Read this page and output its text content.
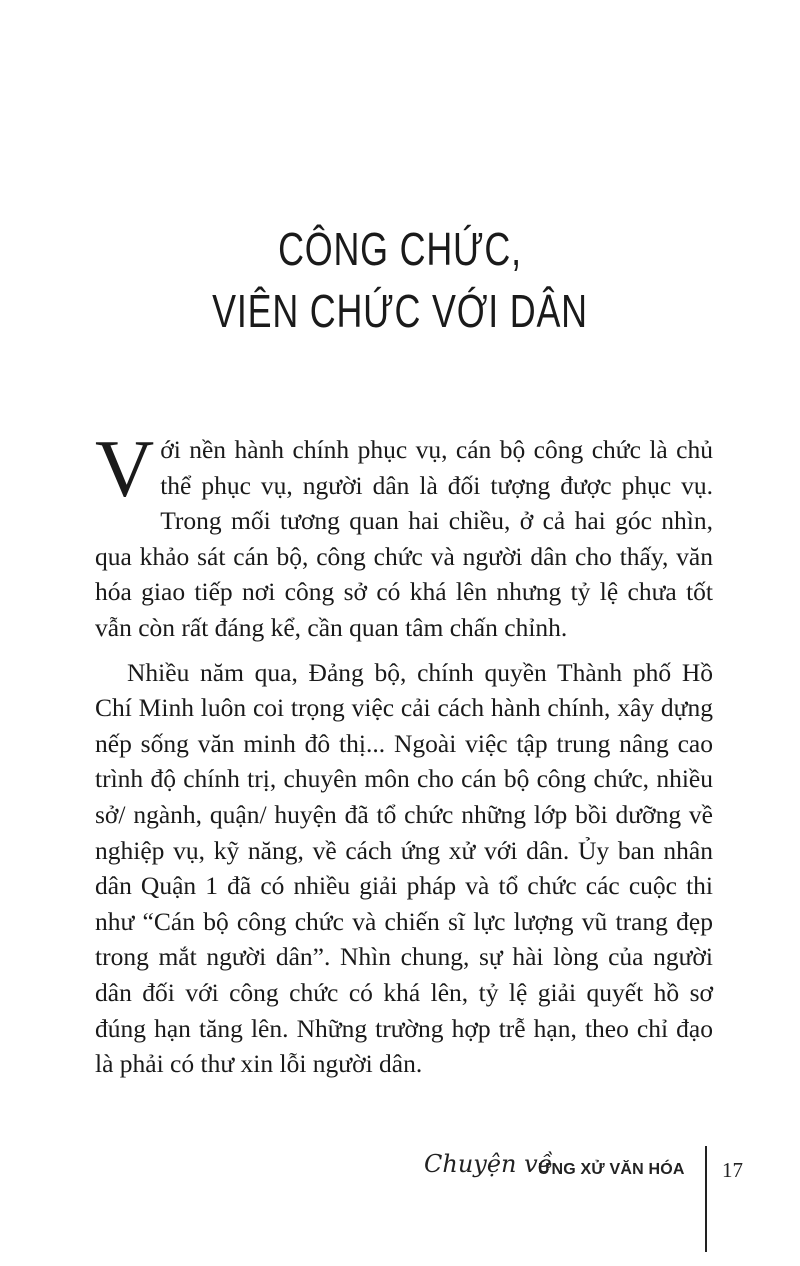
CÔNG CHỨC,
VIÊN CHỨC VỚI DÂN

Với nền hành chính phục vụ, cán bộ công chức là chủ thể phục vụ, người dân là đối tượng được phục vụ. Trong mối tương quan hai chiều, ở cả hai góc nhìn, qua khảo sát cán bộ, công chức và người dân cho thấy, văn hóa giao tiếp nơi công sở có khá lên nhưng tỷ lệ chưa tốt vẫn còn rất đáng kể, cần quan tâm chấn chỉnh.

Nhiều năm qua, Đảng bộ, chính quyền Thành phố Hồ Chí Minh luôn coi trọng việc cải cách hành chính, xây dựng nếp sống văn minh đô thị... Ngoài việc tập trung nâng cao trình độ chính trị, chuyên môn cho cán bộ công chức, nhiều sở/ ngành, quận/ huyện đã tổ chức những lớp bồi dưỡng về nghiệp vụ, kỹ năng, về cách ứng xử với dân. Ủy ban nhân dân Quận 1 đã có nhiều giải pháp và tổ chức các cuộc thi như “Cán bộ công chức và chiến sĩ lực lượng vũ trang đẹp trong mắt người dân”. Nhìn chung, sự hài lòng của người dân đối với công chức có khá lên, tỷ lệ giải quyết hồ sơ đúng hạn tăng lên. Những trường hợp trễ hạn, theo chỉ đạo là phải có thư xin lỗi người dân.

Chuyện về
ỨNG XỬ VĂN HÓA 17
